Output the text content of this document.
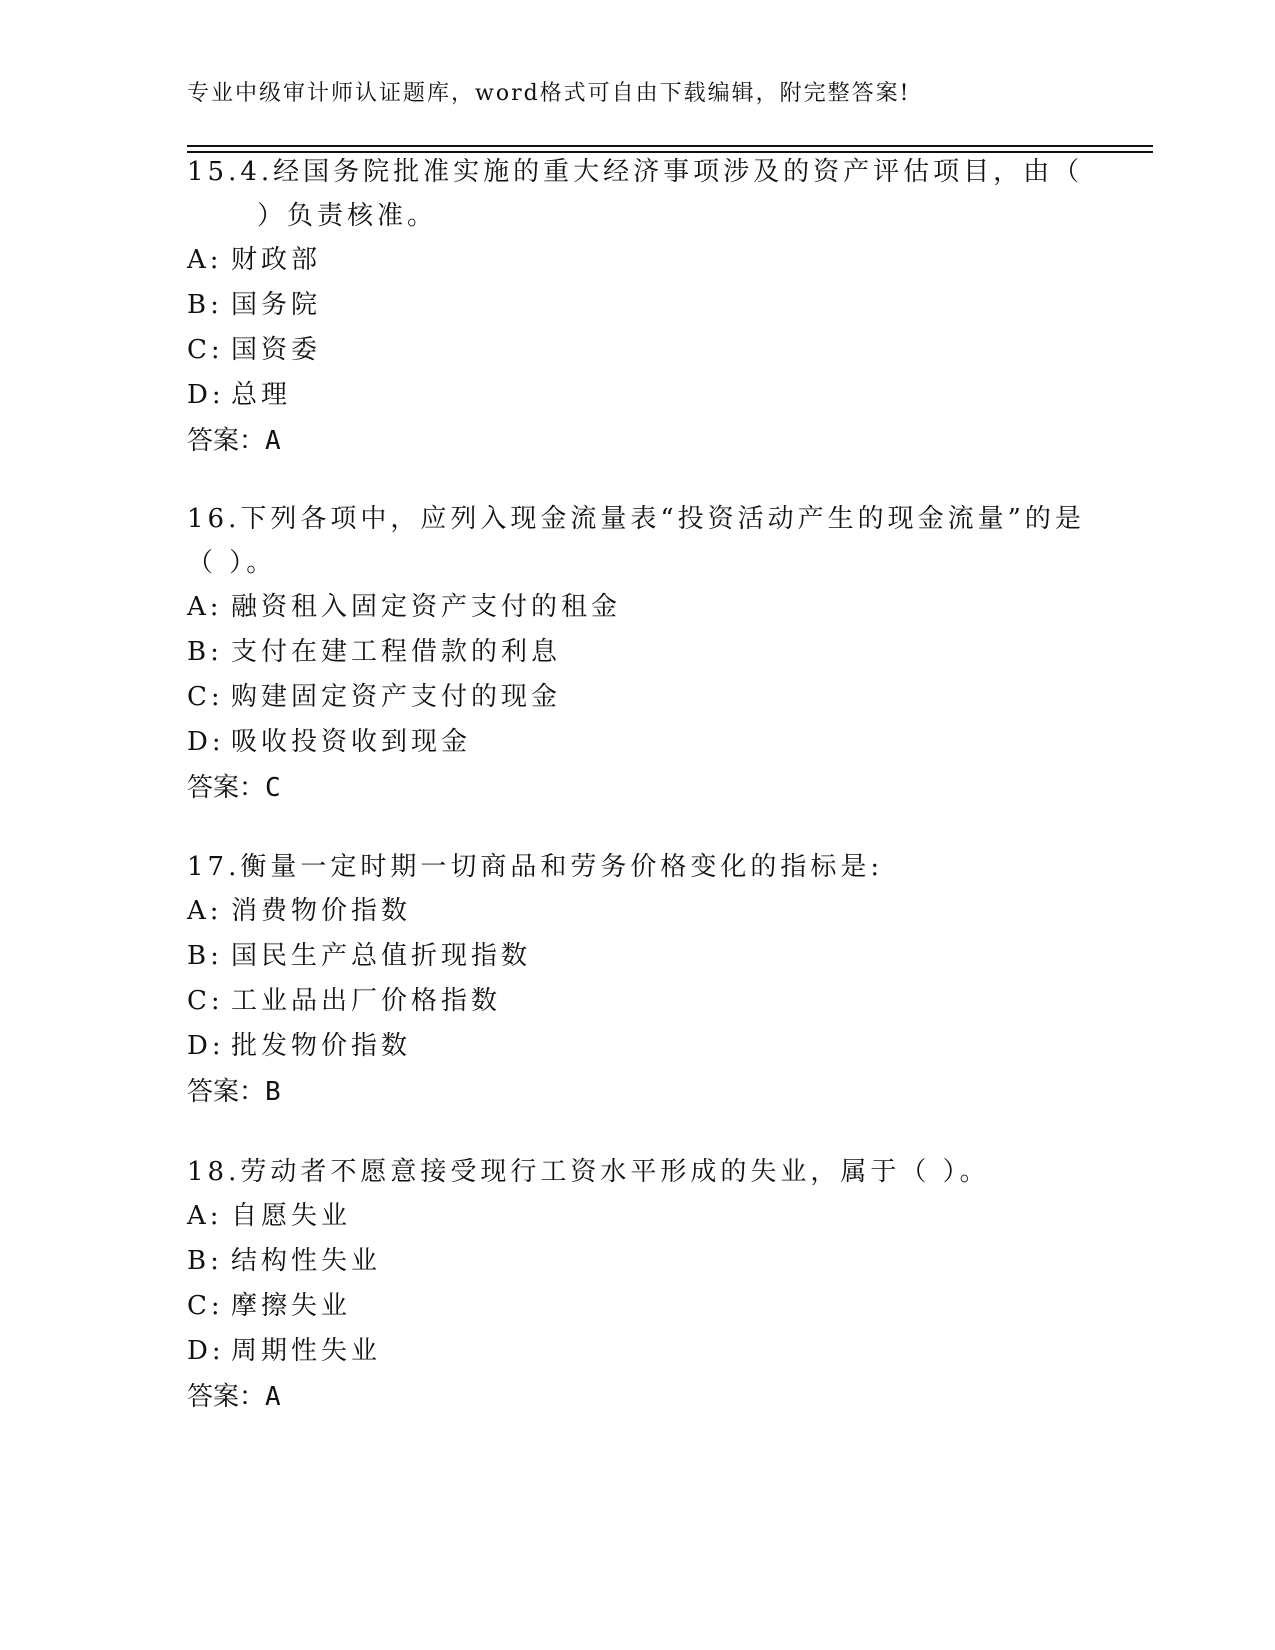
专业中级审计师认证题库，word格式可自由下载编辑，附完整答案!
15.4.经国务院批准实施的重大经济事项涉及的资产评估项目，由（
）负责核准。
A: 财政部
B: 国务院
C: 国资委
D: 总理
答案：A
16.下列各项中，应列入现金流量表“投资活动产生的现金流量”的是
（ ）。
A: 融资租入固定资产支付的租金
B: 支付在建工程借款的利息
C: 购建固定资产支付的现金
D: 吸收投资收到现金
答案：C
17.衡量一定时期一切商品和劳务价格变化的指标是:
A: 消费物价指数
B: 国民生产总值折现指数
C: 工业品出厂价格指数
D: 批发物价指数
答案：B
18.劳动者不愿意接受现行工资水平形成的失业，属于（ ）。
A: 自愿失业
B: 结构性失业
C: 摩擦失业
D: 周期性失业
答案：A
